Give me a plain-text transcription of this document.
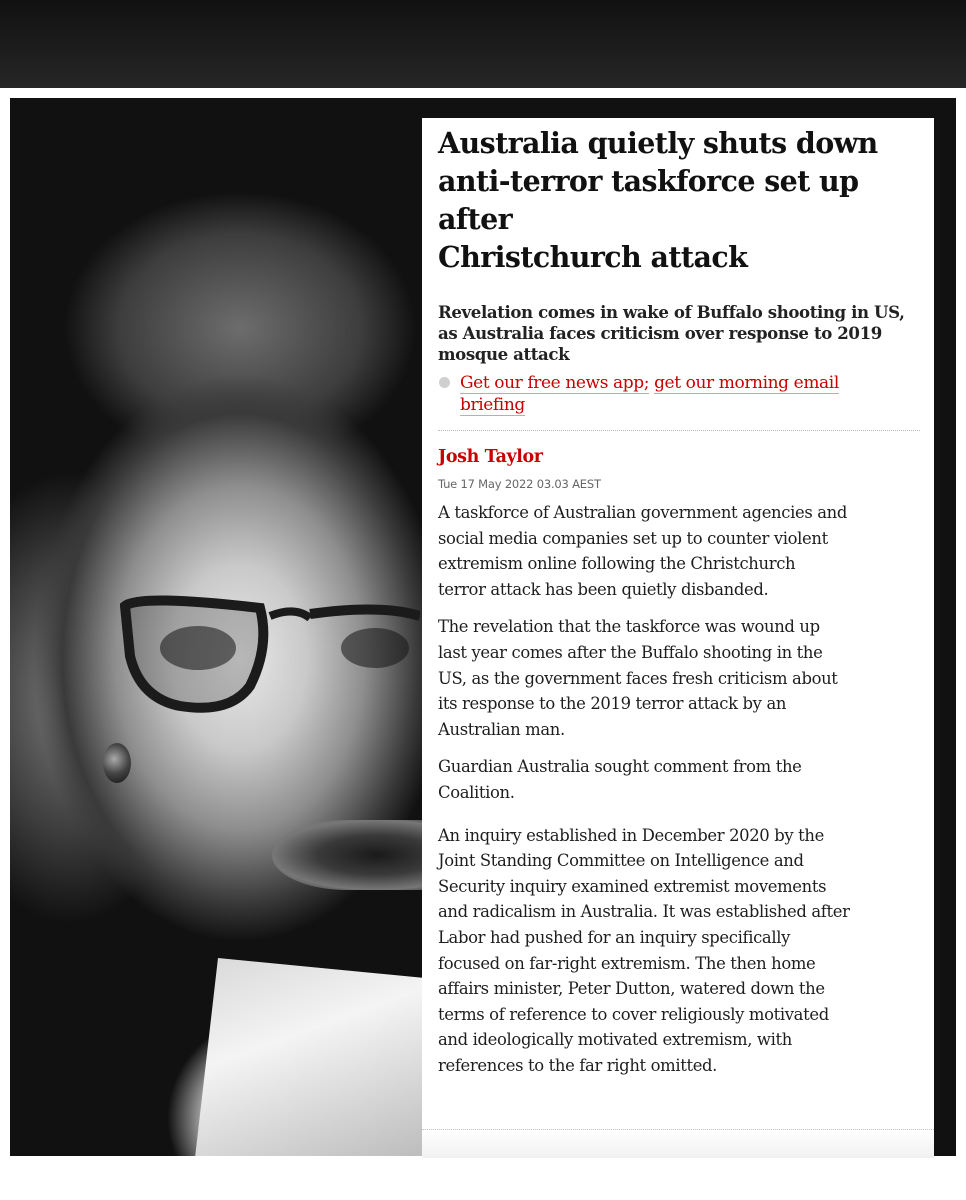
Australia quietly shuts down
anti-terror taskforce set up after
Christchurch attack
Revelation comes in wake of Buffalo shooting in US,
as Australia faces criticism over response to 2019
mosque attack
Get our free news app; get our morning email
briefing
Josh Taylor
Tue 17 May 2022 03.03 AEST
A taskforce of Australian government agencies and
social media companies set up to counter violent
extremism online following the Christchurch
terror attack has been quietly disbanded.
The revelation that the taskforce was wound up
last year comes after the Buffalo shooting in the
US, as the government faces fresh criticism about
its response to the 2019 terror attack by an
Australian man.
Guardian Australia sought comment from the
Coalition.
An inquiry established in December 2020 by the
Joint Standing Committee on Intelligence and
Security inquiry examined extremist movements
and radicalism in Australia. It was established after
Labor had pushed for an inquiry specifically
focused on far-right extremism. The then home
affairs minister, Peter Dutton, watered down the
terms of reference to cover religiously motivated
and ideologically motivated extremism, with
references to the far right omitted.
